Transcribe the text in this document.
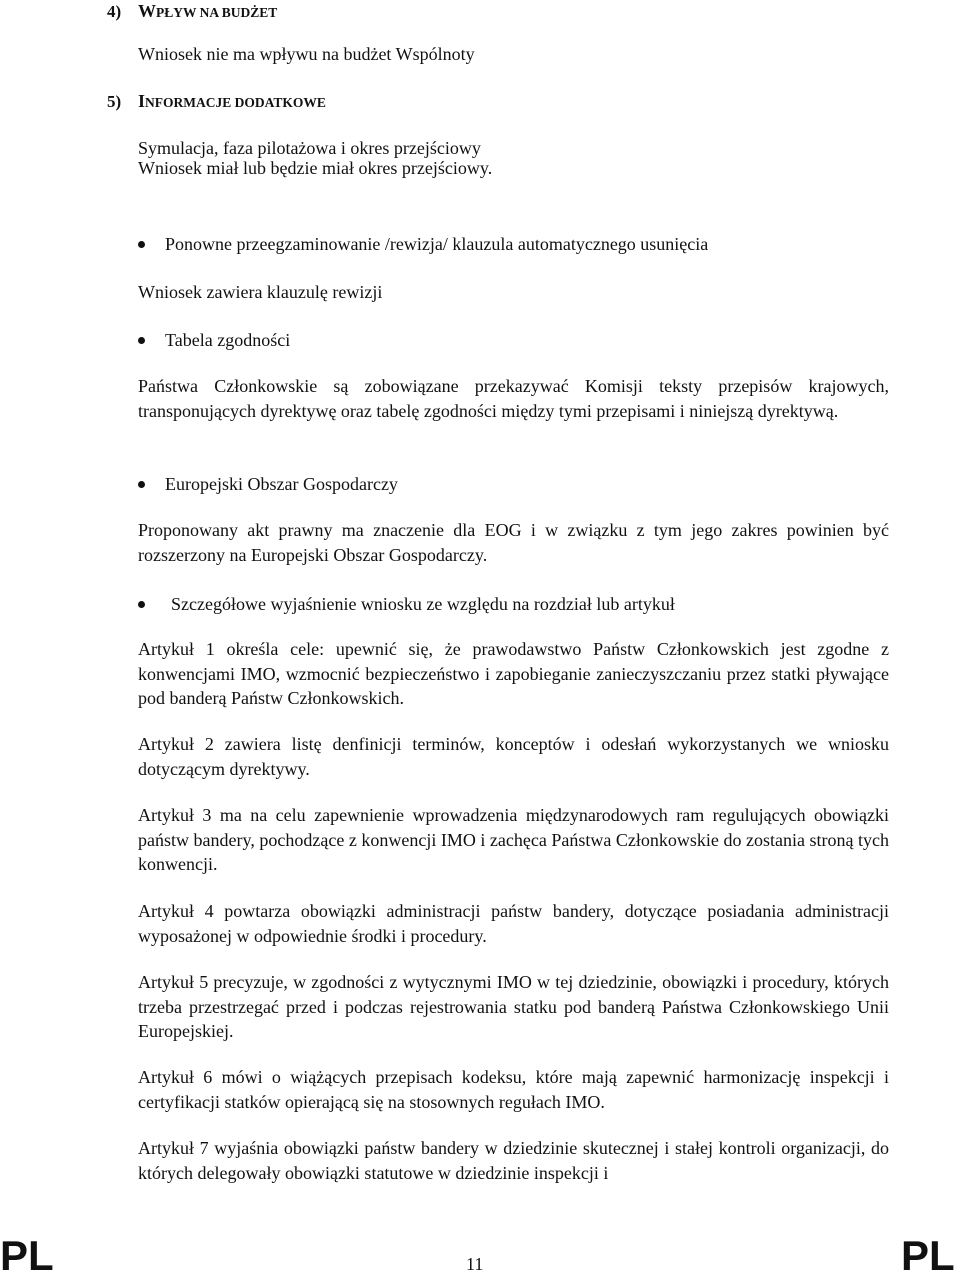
4) WPŁYW NA BUDŻET
Wniosek nie ma wpływu na budżet Wspólnoty
5) INFORMACJE DODATKOWE
Symulacja, faza pilotażowa i okres przejściowy
Wniosek miał lub będzie miał okres przejściowy.
Ponowne przeegzaminowanie /rewizja/ klauzula automatycznego usunięcia
Wniosek zawiera klauzulę rewizji
Tabela zgodności
Państwa Członkowskie są zobowiązane przekazywać Komisji teksty przepisów krajowych, transponujących dyrektywę oraz tabelę zgodności między tymi przepisami i niniejszą dyrektywą.
Europejski Obszar Gospodarczy
Proponowany akt prawny ma znaczenie dla EOG i w związku z tym jego zakres powinien być rozszerzony na Europejski Obszar Gospodarczy.
Szczegółowe wyjaśnienie wniosku ze względu na rozdział lub artykuł
Artykuł 1 określa cele: upewnić się, że prawodawstwo Państw Członkowskich jest zgodne z konwencjami IMO, wzmocnić bezpieczeństwo i zapobieganie zanieczyszczaniu przez statki pływające pod banderą Państw Członkowskich.
Artykuł 2 zawiera listę denfinicji terminów, konceptów i odesłań wykorzystanych we wniosku dotyczącym dyrektywy.
Artykuł 3 ma na celu zapewnienie wprowadzenia międzynarodowych ram regulujących obowiązki państw bandery, pochodzące z konwencji IMO i zachęca Państwa Członkowskie do zostania stroną tych konwencji.
Artykuł 4 powtarza obowiązki administracji państw bandery, dotyczące posiadania administracji wyposażonej w odpowiednie środki i procedury.
Artykuł 5 precyzuje, w zgodności z wytycznymi IMO w tej dziedzinie, obowiązki i procedury, których trzeba przestrzegać przed i podczas rejestrowania statku pod banderą Państwa Członkowskiego Unii Europejskiej.
Artykuł 6 mówi o wiążących przepisach kodeksu, które mają zapewnić harmonizację inspekcji i certyfikacji statków opierającą się na stosownych regułach IMO.
Artykuł 7 wyjaśnia obowiązki państw bandery w dziedzinie skutecznej i stałej kontroli organizacji, do których delegowały obowiązki statutowe w dziedzinie inspekcji i
PL	11	PL
